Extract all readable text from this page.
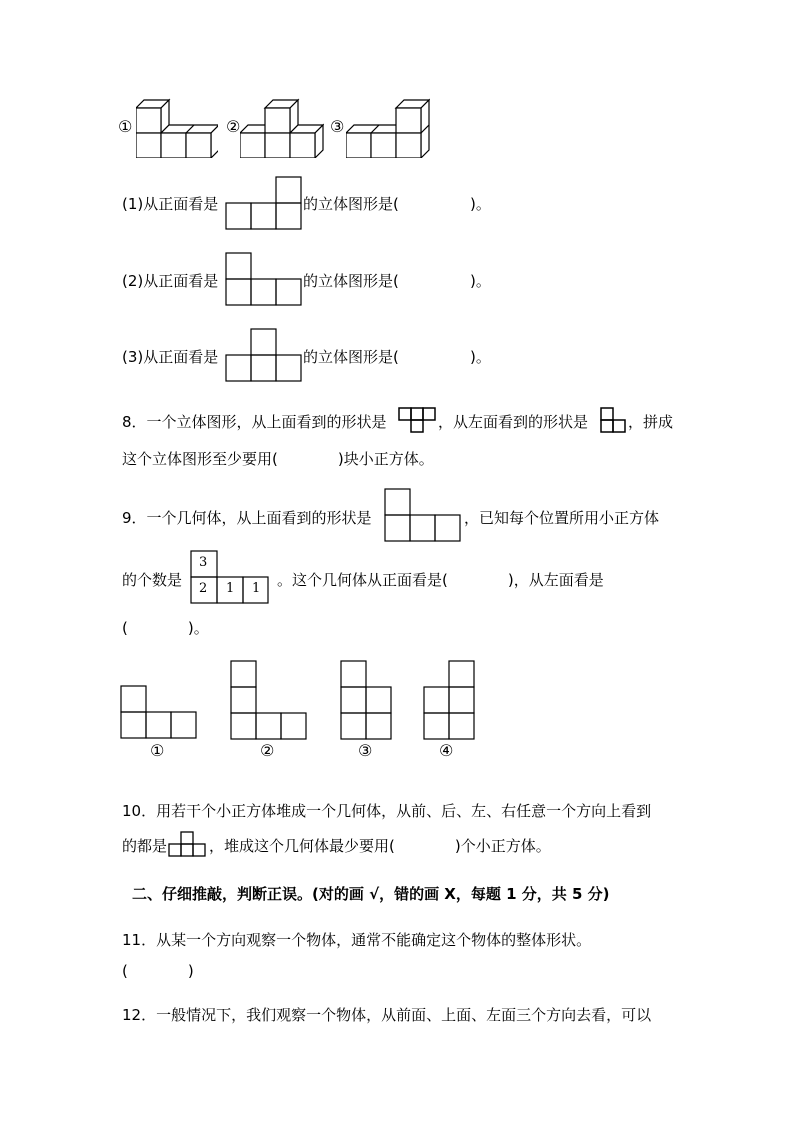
①	②	③
(1)从正面看是	的立体图形是(	)。
(2)从正面看是	的立体图形是(	)。
(3)从正面看是	的立体图形是(	)。
8．一个立体图形，从上面看到的形状是	，从左面看到的形状是	，拼成
这个立体图形至少要用(　　　　)块小正方体。
9．一个几何体，从上面看到的形状是	，已知每个位置所用小正方体
的个数是
3
2 1 1 。这个几何体从正面看是(　　　　)，从左面看是
(　　　　)。
①	②	③	④
10．用若干个小正方体堆成一个几何体，从前、后、左、右任意一个方向上看到
的都是	，堆成这个几何体最少要用(　　　　)个小正方体。
二、仔细推敲，判断正误。(对的画 √，错的画 X，每题 1 分，共 5 分)
11．从某一个方向观察一个物体，通常不能确定这个物体的整体形状。
(　　　　)
12．一般情况下，我们观察一个物体，从前面、上面、左面三个方向去看，可以
